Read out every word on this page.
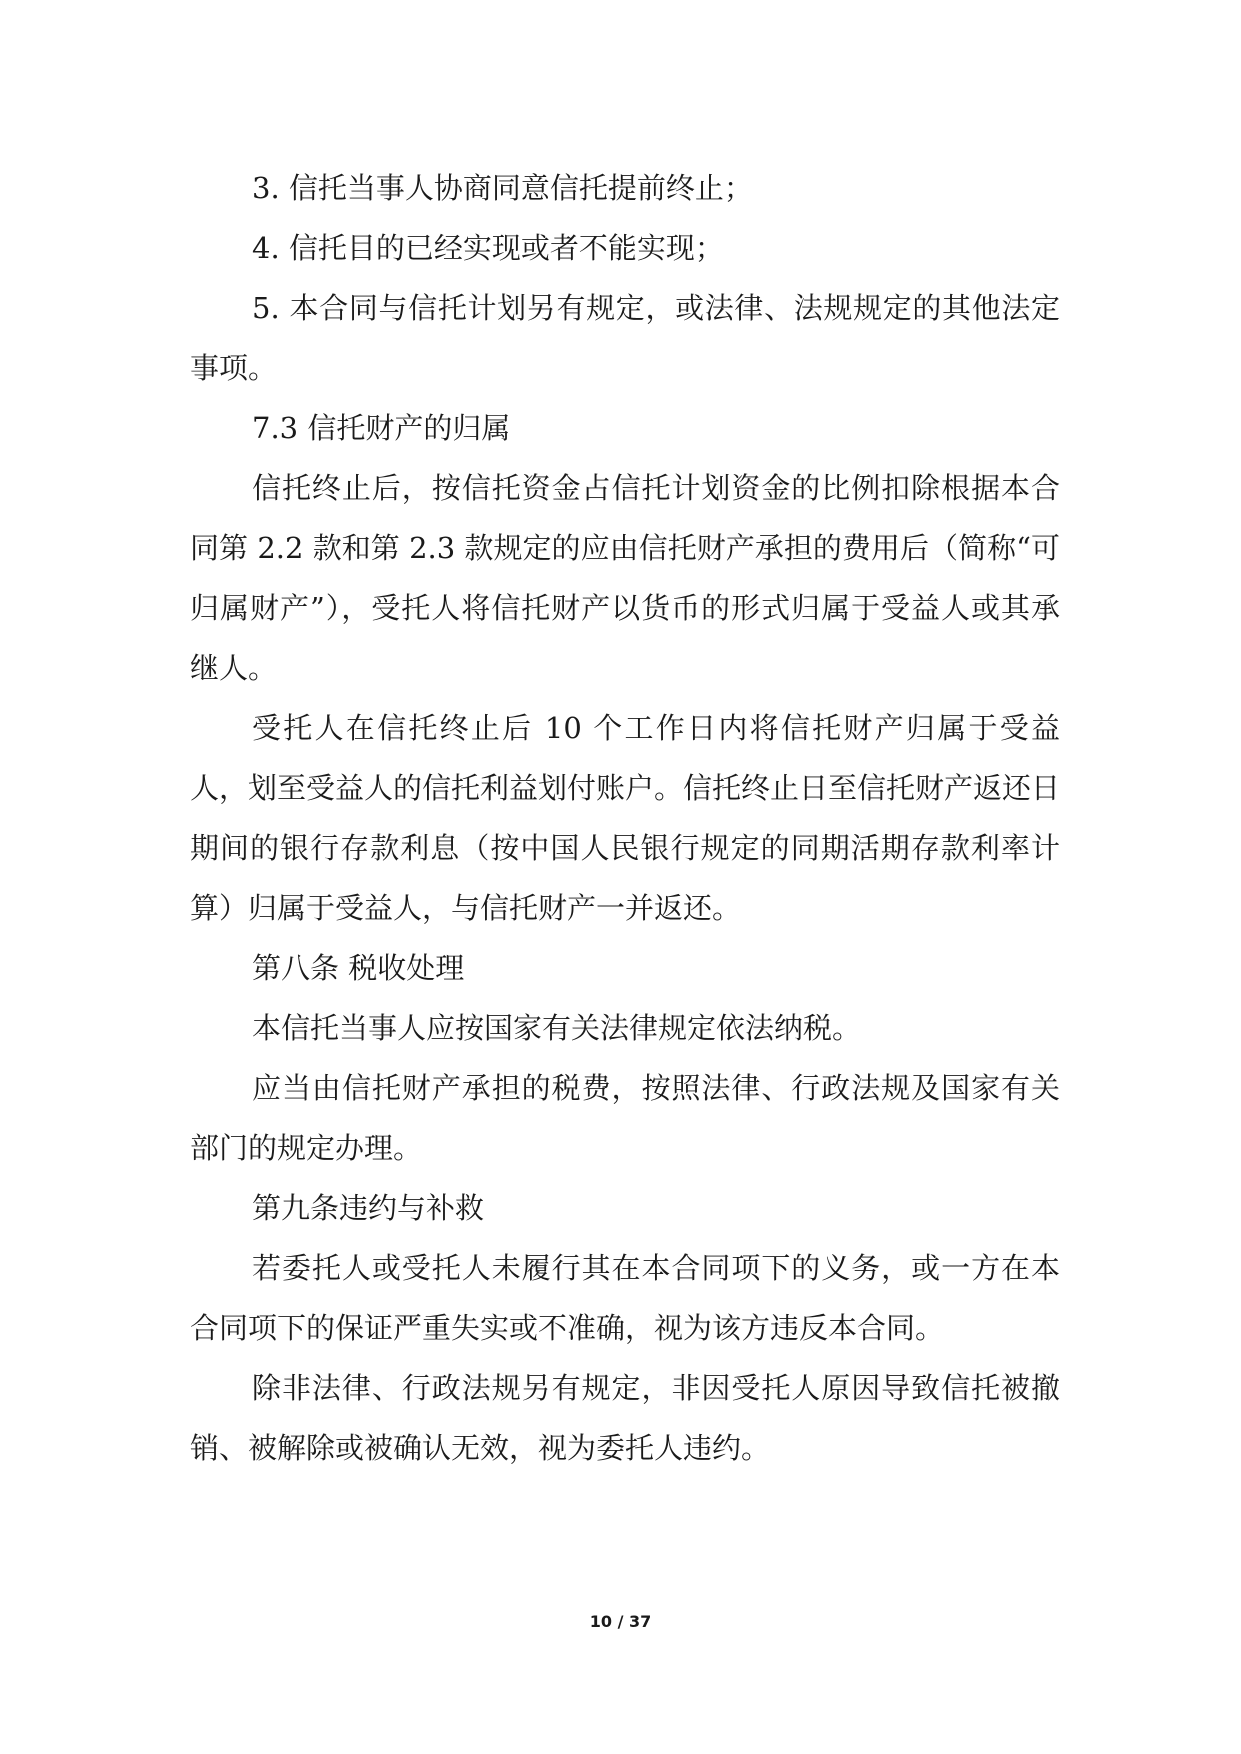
3. 信托当事人协商同意信托提前终止；

4. 信托目的已经实现或者不能实现；

5. 本合同与信托计划另有规定，或法律、法规规定的其他法定事项。

7.3 信托财产的归属

信托终止后，按信托资金占信托计划资金的比例扣除根据本合同第 2.2 款和第 2.3 款规定的应由信托财产承担的费用后（简称“可归属财产”），受托人将信托财产以货币的形式归属于受益人或其承继人。

受托人在信托终止后 10 个工作日内将信托财产归属于受益人，划至受益人的信托利益划付账户。信托终止日至信托财产返还日期间的银行存款利息（按中国人民银行规定的同期活期存款利率计算）归属于受益人，与信托财产一并返还。

第八条 税收处理

本信托当事人应按国家有关法律规定依法纳税。

应当由信托财产承担的税费，按照法律、行政法规及国家有关部门的规定办理。

第九条违约与补救

若委托人或受托人未履行其在本合同项下的义务，或一方在本合同项下的保证严重失实或不准确，视为该方违反本合同。

除非法律、行政法规另有规定，非因受托人原因导致信托被撤销、被解除或被确认无效，视为委托人违约。

10 / 37
